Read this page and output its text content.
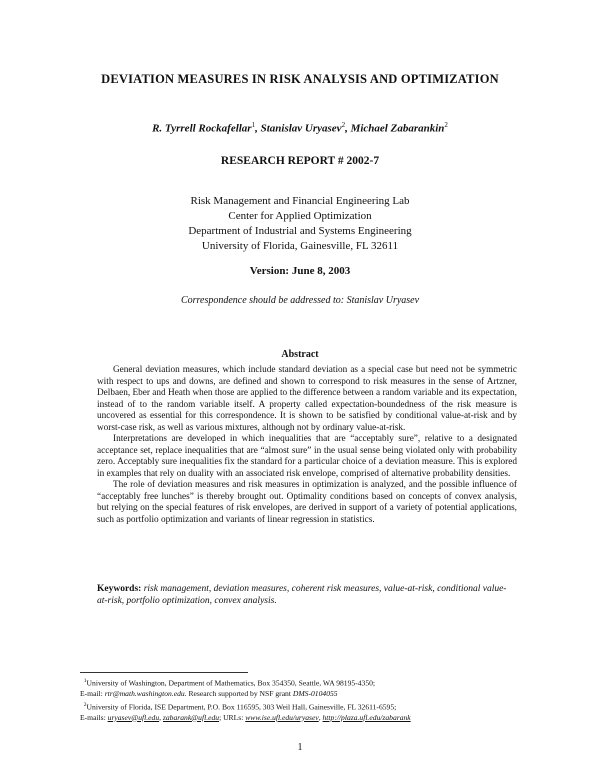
DEVIATION MEASURES IN RISK ANALYSIS AND OPTIMIZATION
R. Tyrrell Rockafellar$^1$, Stanislav Uryasev$^2$, Michael Zabarankin$^2$
RESEARCH REPORT # 2002-7
Risk Management and Financial Engineering Lab
Center for Applied Optimization
Department of Industrial and Systems Engineering
University of Florida, Gainesville, FL 32611
Version: June 8, 2003
Correspondence should be addressed to: Stanislav Uryasev
Abstract

General deviation measures, which include standard deviation as a special case but need not be symmetric with respect to ups and downs, are defined and shown to correspond to risk measures in the sense of Artzner, Delbaen, Eber and Heath when those are applied to the difference between a random variable and its expectation, instead of to the random variable itself. A property called expectation-boundedness of the risk measure is uncovered as essential for this correspondence. It is shown to be satisfied by conditional value-at-risk and by worst-case risk, as well as various mixtures, although not by ordinary value-at-risk.

Interpretations are developed in which inequalities that are “acceptably sure”, relative to a designated acceptance set, replace inequalities that are “almost sure” in the usual sense being violated only with probability zero. Acceptably sure inequalities fix the standard for a particular choice of a deviation measure. This is explored in examples that rely on duality with an associated risk envelope, comprised of alternative probability densities.

The role of deviation measures and risk measures in optimization is analyzed, and the possible influence of “acceptably free lunches” is thereby brought out. Optimality conditions based on concepts of convex analysis, but relying on the special features of risk envelopes, are derived in support of a variety of potential applications, such as portfolio optimization and variants of linear regression in statistics.

Keywords: risk management, deviation measures, coherent risk measures, value-at-risk, conditional value-at-risk, portfolio optimization, convex analysis.
$^1$University of Washington, Department of Mathematics, Box 354350, Seattle, WA 98195-4350;
E-mail: rtr@math.washington.edu. Research supported by NSF grant DMS-0104055
$^2$University of Florida, ISE Department, P.O. Box 116595, 303 Weil Hall, Gainesville, FL 32611-6595;
E-mails: uryasev@ufl.edu, zabarank@ufl.edu; URLs: www.ise.ufl.edu/uryasev, http://plaza.ufl.edu/zabarank
1
